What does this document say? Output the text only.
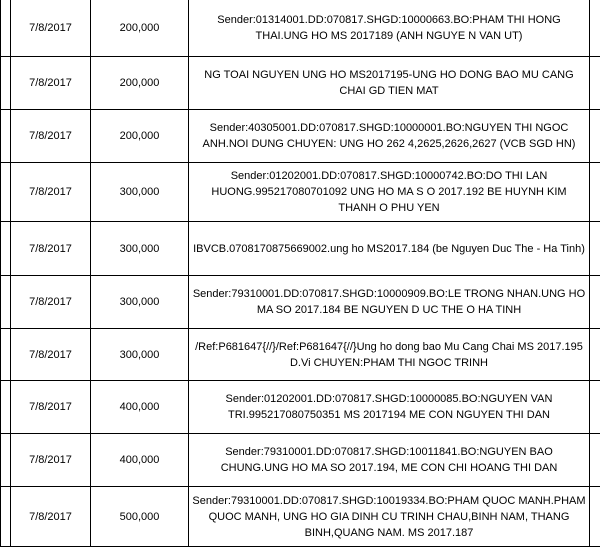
	7/8/2017	200,000	Sender:01314001.DD:070817.SHGD:10000663.BO:PHAM THI HONG THAI.UNG HO MS 2017189 (ANH NGUYE N VAN UT)	
	7/8/2017	200,000	NG TOAI NGUYEN UNG HO MS2017195-UNG HO DONG BAO MU CANG CHAI GD TIEN MAT	
	7/8/2017	200,000	Sender:40305001.DD:070817.SHGD:10000001.BO:NGUYEN THI NGOC ANH.NOI DUNG CHUYEN: UNG HO 262 4,2625,2626,2627 (VCB SGD HN)	
	7/8/2017	300,000	Sender:01202001.DD:070817.SHGD:10000742.BO:DO THI LAN HUONG.995217080701092 UNG HO MA S O 2017.192 BE HUYNH KIM THANH O PHU YEN	
	7/8/2017	300,000	IBVCB.0708170875669002.ung ho MS2017.184 (be Nguyen Duc The - Ha Tinh)	
	7/8/2017	300,000	Sender:79310001.DD:070817.SHGD:10000909.BO:LE TRONG NHAN.UNG HO MA SO 2017.184 BE NGUYEN D UC THE O HA TINH	
	7/8/2017	300,000	/Ref:P681647{//}/Ref:P681647{//}Ung ho dong bao Mu Cang Chai MS 2017.195 D.Vi CHUYEN:PHAM THI NGOC TRINH	
	7/8/2017	400,000	Sender:01202001.DD:070817.SHGD:10000085.BO:NGUYEN VAN TRI.995217080750351 MS 2017194 ME CON NGUYEN THI DAN	
	7/8/2017	400,000	Sender:79310001.DD:070817.SHGD:10011841.BO:NGUYEN BAO CHUNG.UNG HO MA SO 2017.194, ME CON CHI HOANG THI DAN	
	7/8/2017	500,000	Sender:79310001.DD:070817.SHGD:10019334.BO:PHAM QUOC MANH.PHAM QUOC MANH, UNG HO GIA DINH CU TRINH CHAU,BINH NAM, THANG BINH,QUANG NAM. MS 2017.187	
